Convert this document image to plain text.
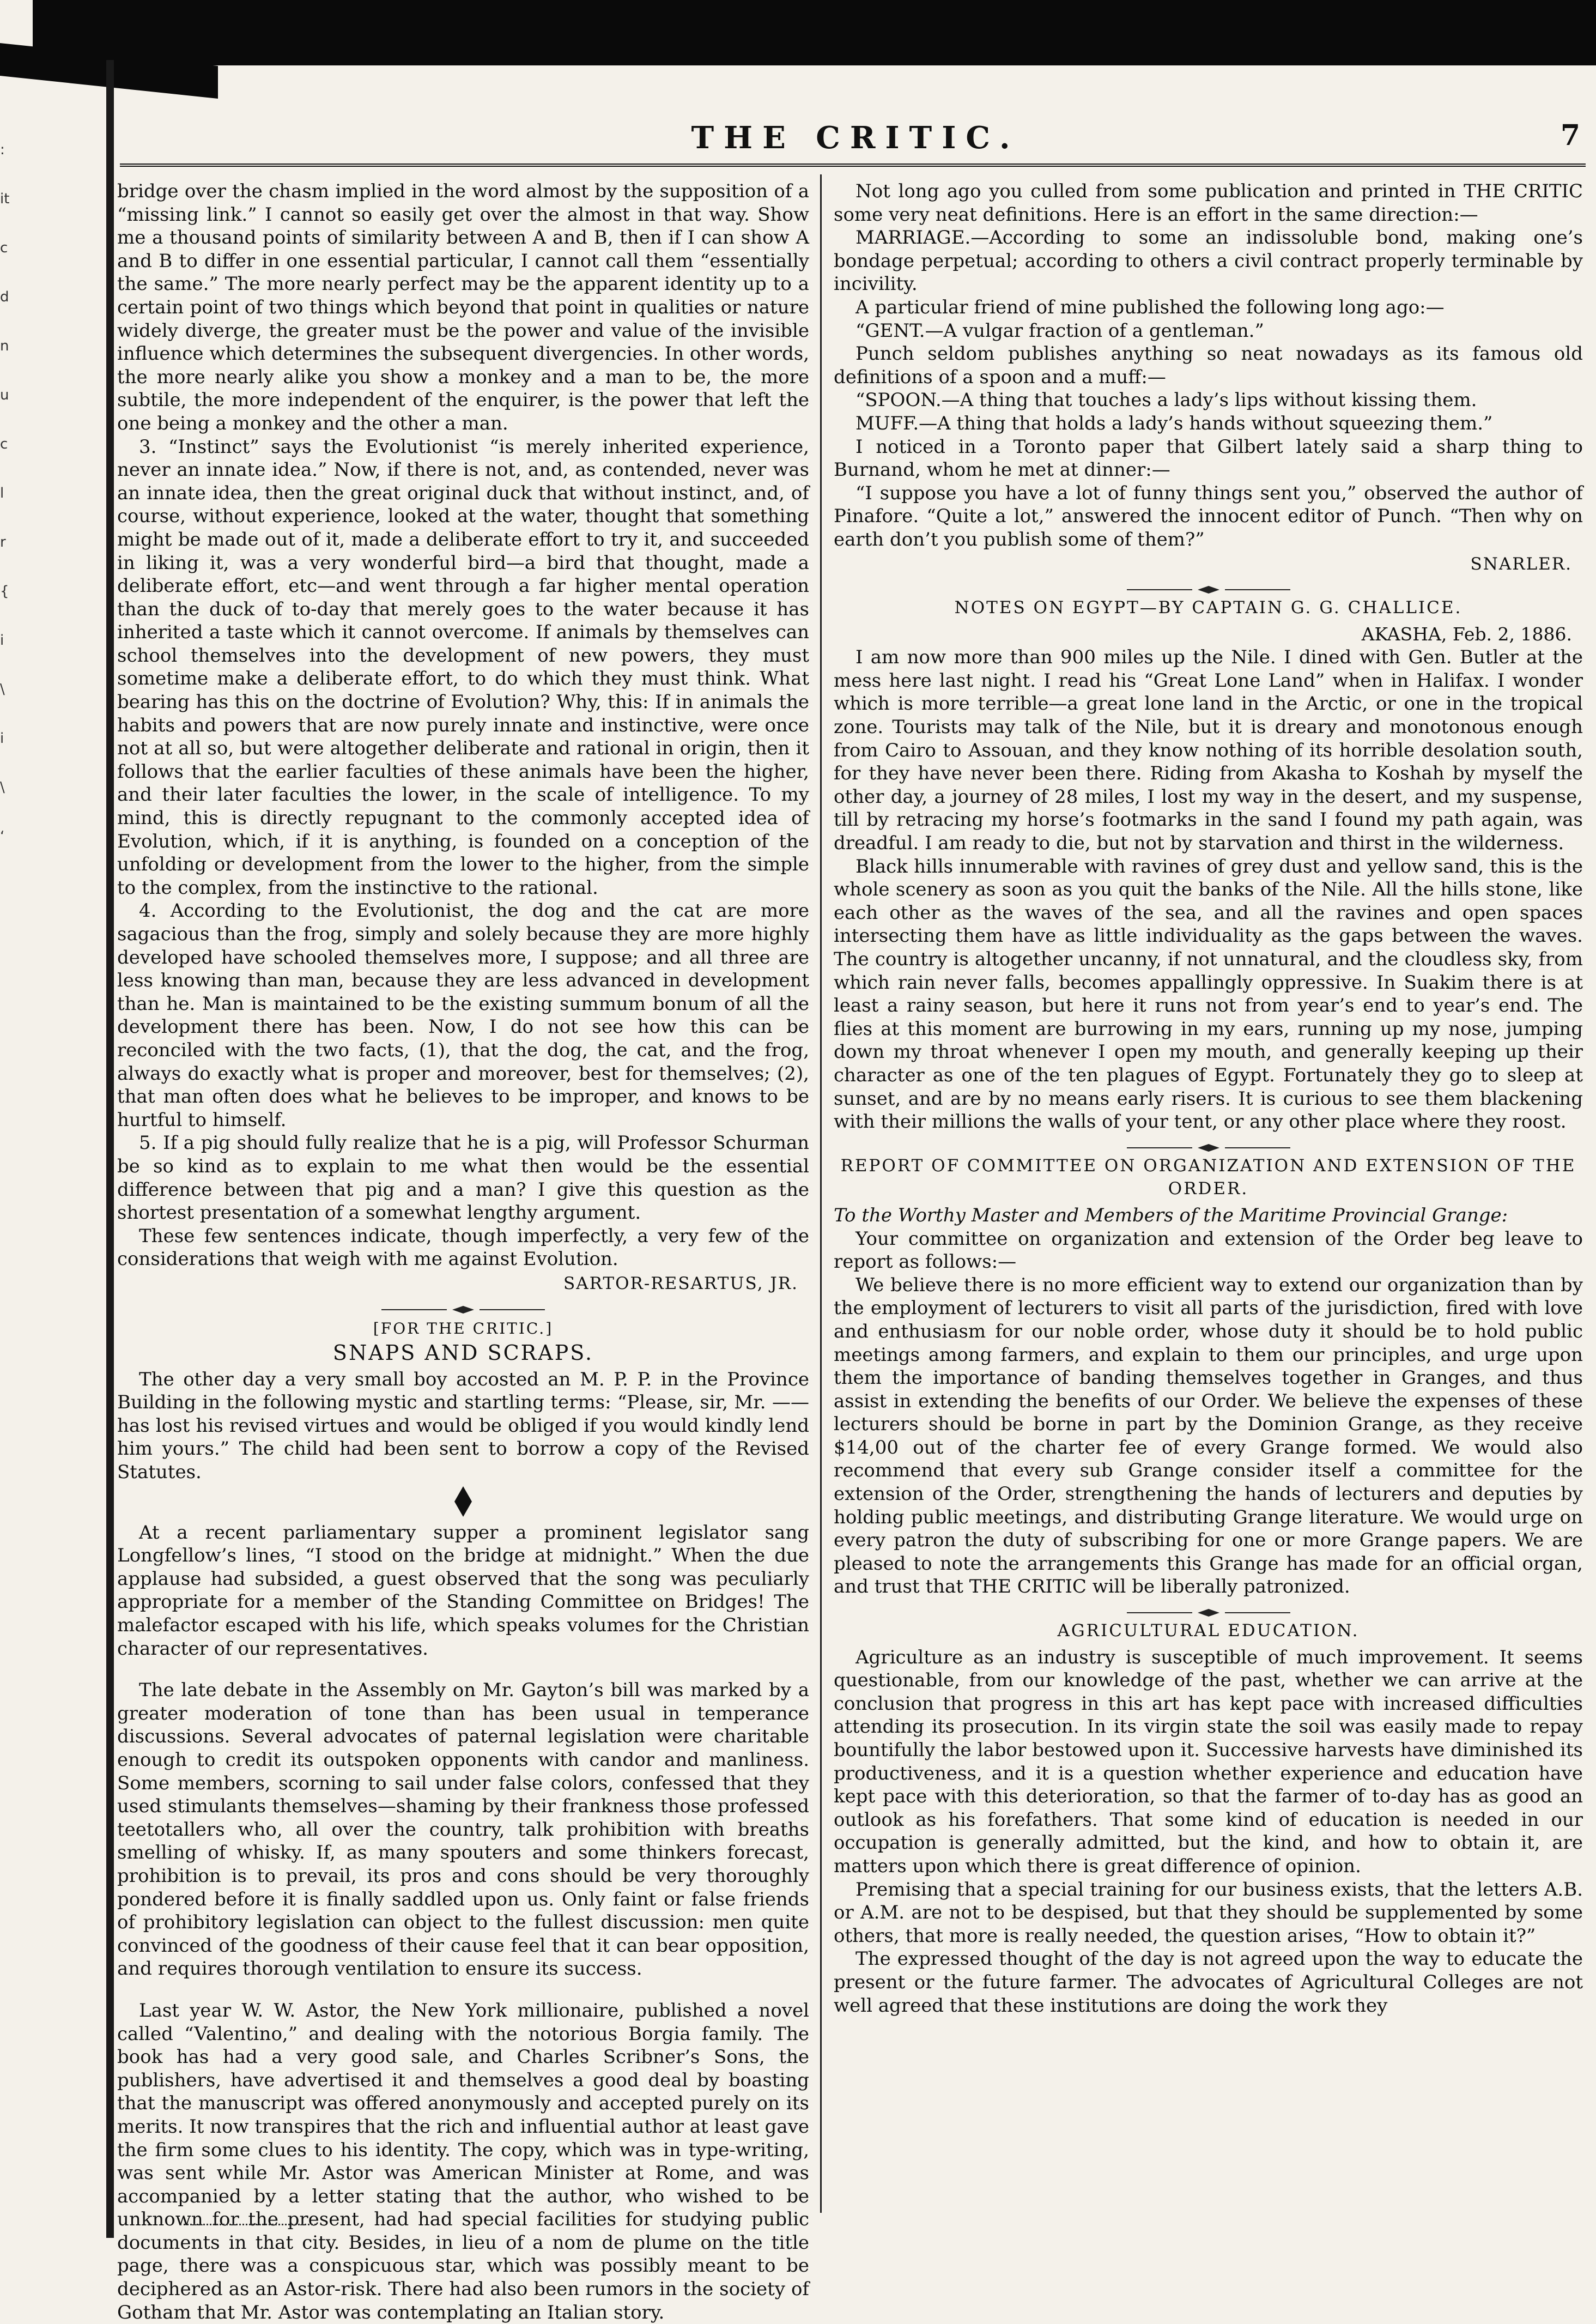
:
it
c
d
n
u
c
l
r
{
i
\
i
\
‘
THE CRITIC.	7

bridge over the chasm implied in the word almost by the supposition of a “missing link.” I cannot so easily get over the almost in that way. Show me a thousand points of similarity between A and B, then if I can show A and B to differ in one essential particular, I cannot call them “essentially the same.” The more nearly perfect may be the apparent identity up to a certain point of two things which beyond that point in qualities or nature widely diverge, the greater must be the power and value of the invisible influence which determines the subsequent divergencies. In other words, the more nearly alike you show a monkey and a man to be, the more subtile, the more independent of the enquirer, is the power that left the one being a monkey and the other a man.

3. “Instinct” says the Evolutionist “is merely inherited experience, never an innate idea.” Now, if there is not, and, as contended, never was an innate idea, then the great original duck that without instinct, and, of course, without experience, looked at the water, thought that something might be made out of it, made a deliberate effort to try it, and succeeded in liking it, was a very wonderful bird—a bird that thought, made a deliberate effort, etc—and went through a far higher mental operation than the duck of to-day that merely goes to the water because it has inherited a taste which it cannot overcome. If animals by themselves can school themselves into the development of new powers, they must sometime make a deliberate effort, to do which they must think. What bearing has this on the doctrine of Evolution? Why, this: If in animals the habits and powers that are now purely innate and instinctive, were once not at all so, but were altogether deliberate and rational in origin, then it follows that the earlier faculties of these animals have been the higher, and their later faculties the lower, in the scale of intelligence. To my mind, this is directly repugnant to the commonly accepted idea of Evolution, which, if it is anything, is founded on a conception of the unfolding or development from the lower to the higher, from the simple to the complex, from the instinctive to the rational.

4. According to the Evolutionist, the dog and the cat are more sagacious than the frog, simply and solely because they are more highly developed have schooled themselves more, I suppose; and all three are less knowing than man, because they are less advanced in development than he. Man is maintained to be the existing summum bonum of all the development there has been. Now, I do not see how this can be reconciled with the two facts, (1), that the dog, the cat, and the frog, always do exactly what is proper and moreover, best for themselves; (2), that man often does what he believes to be improper, and knows to be hurtful to himself.

5. If a pig should fully realize that he is a pig, will Professor Schurman be so kind as to explain to me what then would be the essential difference between that pig and a man? I give this question as the shortest presentation of a somewhat lengthy argument.

These few sentences indicate, though imperfectly, a very few of the considerations that weigh with me against Evolution.

SARTOR-RESARTUS, JR.
[FOR THE CRITIC.]
SNAPS AND SCRAPS.

The other day a very small boy accosted an M. P. P. in the Province Building in the following mystic and startling terms: “Please, sir, Mr. —— has lost his revised virtues and would be obliged if you would kindly lend him yours.” The child had been sent to borrow a copy of the Revised Statutes.

At a recent parliamentary supper a prominent legislator sang Longfellow’s lines, “I stood on the bridge at midnight.” When the due applause had subsided, a guest observed that the song was peculiarly appropriate for a member of the Standing Committee on Bridges! The malefactor escaped with his life, which speaks volumes for the Christian character of our representatives.

The late debate in the Assembly on Mr. Gayton’s bill was marked by a greater moderation of tone than has been usual in temperance discussions. Several advocates of paternal legislation were charitable enough to credit its outspoken opponents with candor and manliness. Some members, scorning to sail under false colors, confessed that they used stimulants themselves—shaming by their frankness those professed teetotallers who, all over the country, talk prohibition with breaths smelling of whisky. If, as many spouters and some thinkers forecast, prohibition is to prevail, its pros and cons should be very thoroughly pondered before it is finally saddled upon us. Only faint or false friends of prohibitory legislation can object to the fullest discussion: men quite convinced of the goodness of their cause feel that it can bear opposition, and requires thorough ventilation to ensure its success.

Last year W. W. Astor, the New York millionaire, published a novel called “Valentino,” and dealing with the notorious Borgia family. The book has had a very good sale, and Charles Scribner’s Sons, the publishers, have advertised it and themselves a good deal by boasting that the manuscript was offered anonymously and accepted purely on its merits. It now transpires that the rich and influential author at least gave the firm some clues to his identity. The copy, which was in type-writing, was sent while Mr. Astor was American Minister at Rome, and was accompanied by a letter stating that the author, who wished to be unknown for the present, had had special facilities for studying public documents in that city. Besides, in lieu of a nom de plume on the title page, there was a conspicuous star, which was possibly meant to be deciphered as an Astor-risk. There had also been rumors in the society of Gotham that Mr. Astor was contemplating an Italian story.

Not long ago you culled from some publication and printed in THE CRITIC some very neat definitions. Here is an effort in the same direction:—

MARRIAGE.—According to some an indissoluble bond, making one’s bondage perpetual; according to others a civil contract properly terminable by incivility.

A particular friend of mine published the following long ago:—

“GENT.—A vulgar fraction of a gentleman.”

Punch seldom publishes anything so neat nowadays as its famous old definitions of a spoon and a muff:—

“SPOON.—A thing that touches a lady’s lips without kissing them.

MUFF.—A thing that holds a lady’s hands without squeezing them.”

I noticed in a Toronto paper that Gilbert lately said a sharp thing to Burnand, whom he met at dinner:—

“I suppose you have a lot of funny things sent you,” observed the author of Pinafore. “Quite a lot,” answered the innocent editor of Punch. “Then why on earth don’t you publish some of them?”

SNARLER.
NOTES ON EGYPT—BY CAPTAIN G. G. CHALLICE.
AKASHA, Feb. 2, 1886.

I am now more than 900 miles up the Nile. I dined with Gen. Butler at the mess here last night. I read his “Great Lone Land” when in Halifax. I wonder which is more terrible—a great lone land in the Arctic, or one in the tropical zone. Tourists may talk of the Nile, but it is dreary and monotonous enough from Cairo to Assouan, and they know nothing of its horrible desolation south, for they have never been there. Riding from Akasha to Koshah by myself the other day, a journey of 28 miles, I lost my way in the desert, and my suspense, till by retracing my horse’s footmarks in the sand I found my path again, was dreadful. I am ready to die, but not by starvation and thirst in the wilderness.

Black hills innumerable with ravines of grey dust and yellow sand, this is the whole scenery as soon as you quit the banks of the Nile. All the hills stone, like each other as the waves of the sea, and all the ravines and open spaces intersecting them have as little individuality as the gaps between the waves. The country is altogether uncanny, if not unnatural, and the cloudless sky, from which rain never falls, becomes appallingly oppressive. In Suakim there is at least a rainy season, but here it runs not from year’s end to year’s end. The flies at this moment are burrowing in my ears, running up my nose, jumping down my throat whenever I open my mouth, and generally keeping up their character as one of the ten plagues of Egypt. Fortunately they go to sleep at sunset, and are by no means early risers. It is curious to see them blackening with their millions the walls of your tent, or any other place where they roost.

REPORT OF COMMITTEE ON ORGANIZATION AND EXTENSION OF THE ORDER.

To the Worthy Master and Members of the Maritime Provincial Grange:

Your committee on organization and extension of the Order beg leave to report as follows:—

We believe there is no more efficient way to extend our organization than by the employment of lecturers to visit all parts of the jurisdiction, fired with love and enthusiasm for our noble order, whose duty it should be to hold public meetings among farmers, and explain to them our principles, and urge upon them the importance of banding themselves together in Granges, and thus assist in extending the benefits of our Order. We believe the expenses of these lecturers should be borne in part by the Dominion Grange, as they receive $14,00 out of the charter fee of every Grange formed. We would also recommend that every sub Grange consider itself a committee for the extension of the Order, strengthening the hands of lecturers and deputies by holding public meetings, and distributing Grange literature. We would urge on every patron the duty of subscribing for one or more Grange papers. We are pleased to note the arrangements this Grange has made for an official organ, and trust that THE CRITIC will be liberally patronized.

AGRICULTURAL EDUCATION.

Agriculture as an industry is susceptible of much improvement. It seems questionable, from our knowledge of the past, whether we can arrive at the conclusion that progress in this art has kept pace with increased difficulties attending its prosecution. In its virgin state the soil was easily made to repay bountifully the labor bestowed upon it. Successive harvests have diminished its productiveness, and it is a question whether experience and education have kept pace with this deterioration, so that the farmer of to-day has as good an outlook as his forefathers. That some kind of education is needed in our occupation is generally admitted, but the kind, and how to obtain it, are matters upon which there is great difference of opinion.

Premising that a special training for our business exists, that the letters A.B. or A.M. are not to be despised, but that they should be supplemented by some others, that more is really needed, the question arises, “How to obtain it?”

The expressed thought of the day is not agreed upon the way to educate the present or the future farmer. The advocates of Agricultural Colleges are not well agreed that these institutions are doing the work they
